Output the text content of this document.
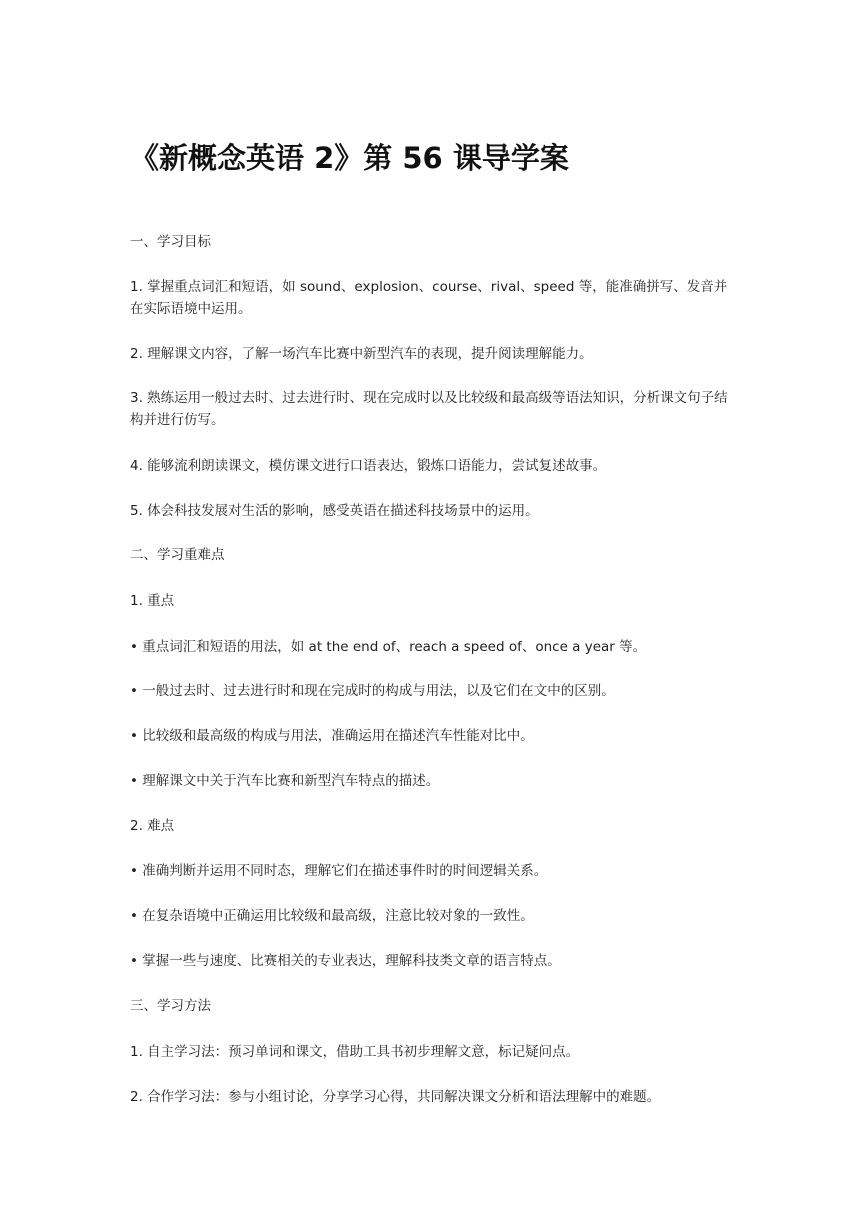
《新概念英语 2》第 56 课导学案
一、学习目标
1. 掌握重点词汇和短语，如 sound、explosion、course、rival、speed 等，能准确拼写、发音并在实际语境中运用。
2. 理解课文内容，了解一场汽车比赛中新型汽车的表现，提升阅读理解能力。
3. 熟练运用一般过去时、过去进行时、现在完成时以及比较级和最高级等语法知识，分析课文句子结构并进行仿写。
4. 能够流利朗读课文，模仿课文进行口语表达，锻炼口语能力，尝试复述故事。
5. 体会科技发展对生活的影响，感受英语在描述科技场景中的运用。
二、学习重难点
1. 重点
• 重点词汇和短语的用法，如 at the end of、reach a speed of、once a year 等。
• 一般过去时、过去进行时和现在完成时的构成与用法，以及它们在文中的区别。
• 比较级和最高级的构成与用法，准确运用在描述汽车性能对比中。
• 理解课文中关于汽车比赛和新型汽车特点的描述。
2. 难点
• 准确判断并运用不同时态，理解它们在描述事件时的时间逻辑关系。
• 在复杂语境中正确运用比较级和最高级，注意比较对象的一致性。
• 掌握一些与速度、比赛相关的专业表达，理解科技类文章的语言特点。
三、学习方法
1. 自主学习法：预习单词和课文，借助工具书初步理解文意，标记疑问点。
2. 合作学习法：参与小组讨论，分享学习心得，共同解决课文分析和语法理解中的难题。
